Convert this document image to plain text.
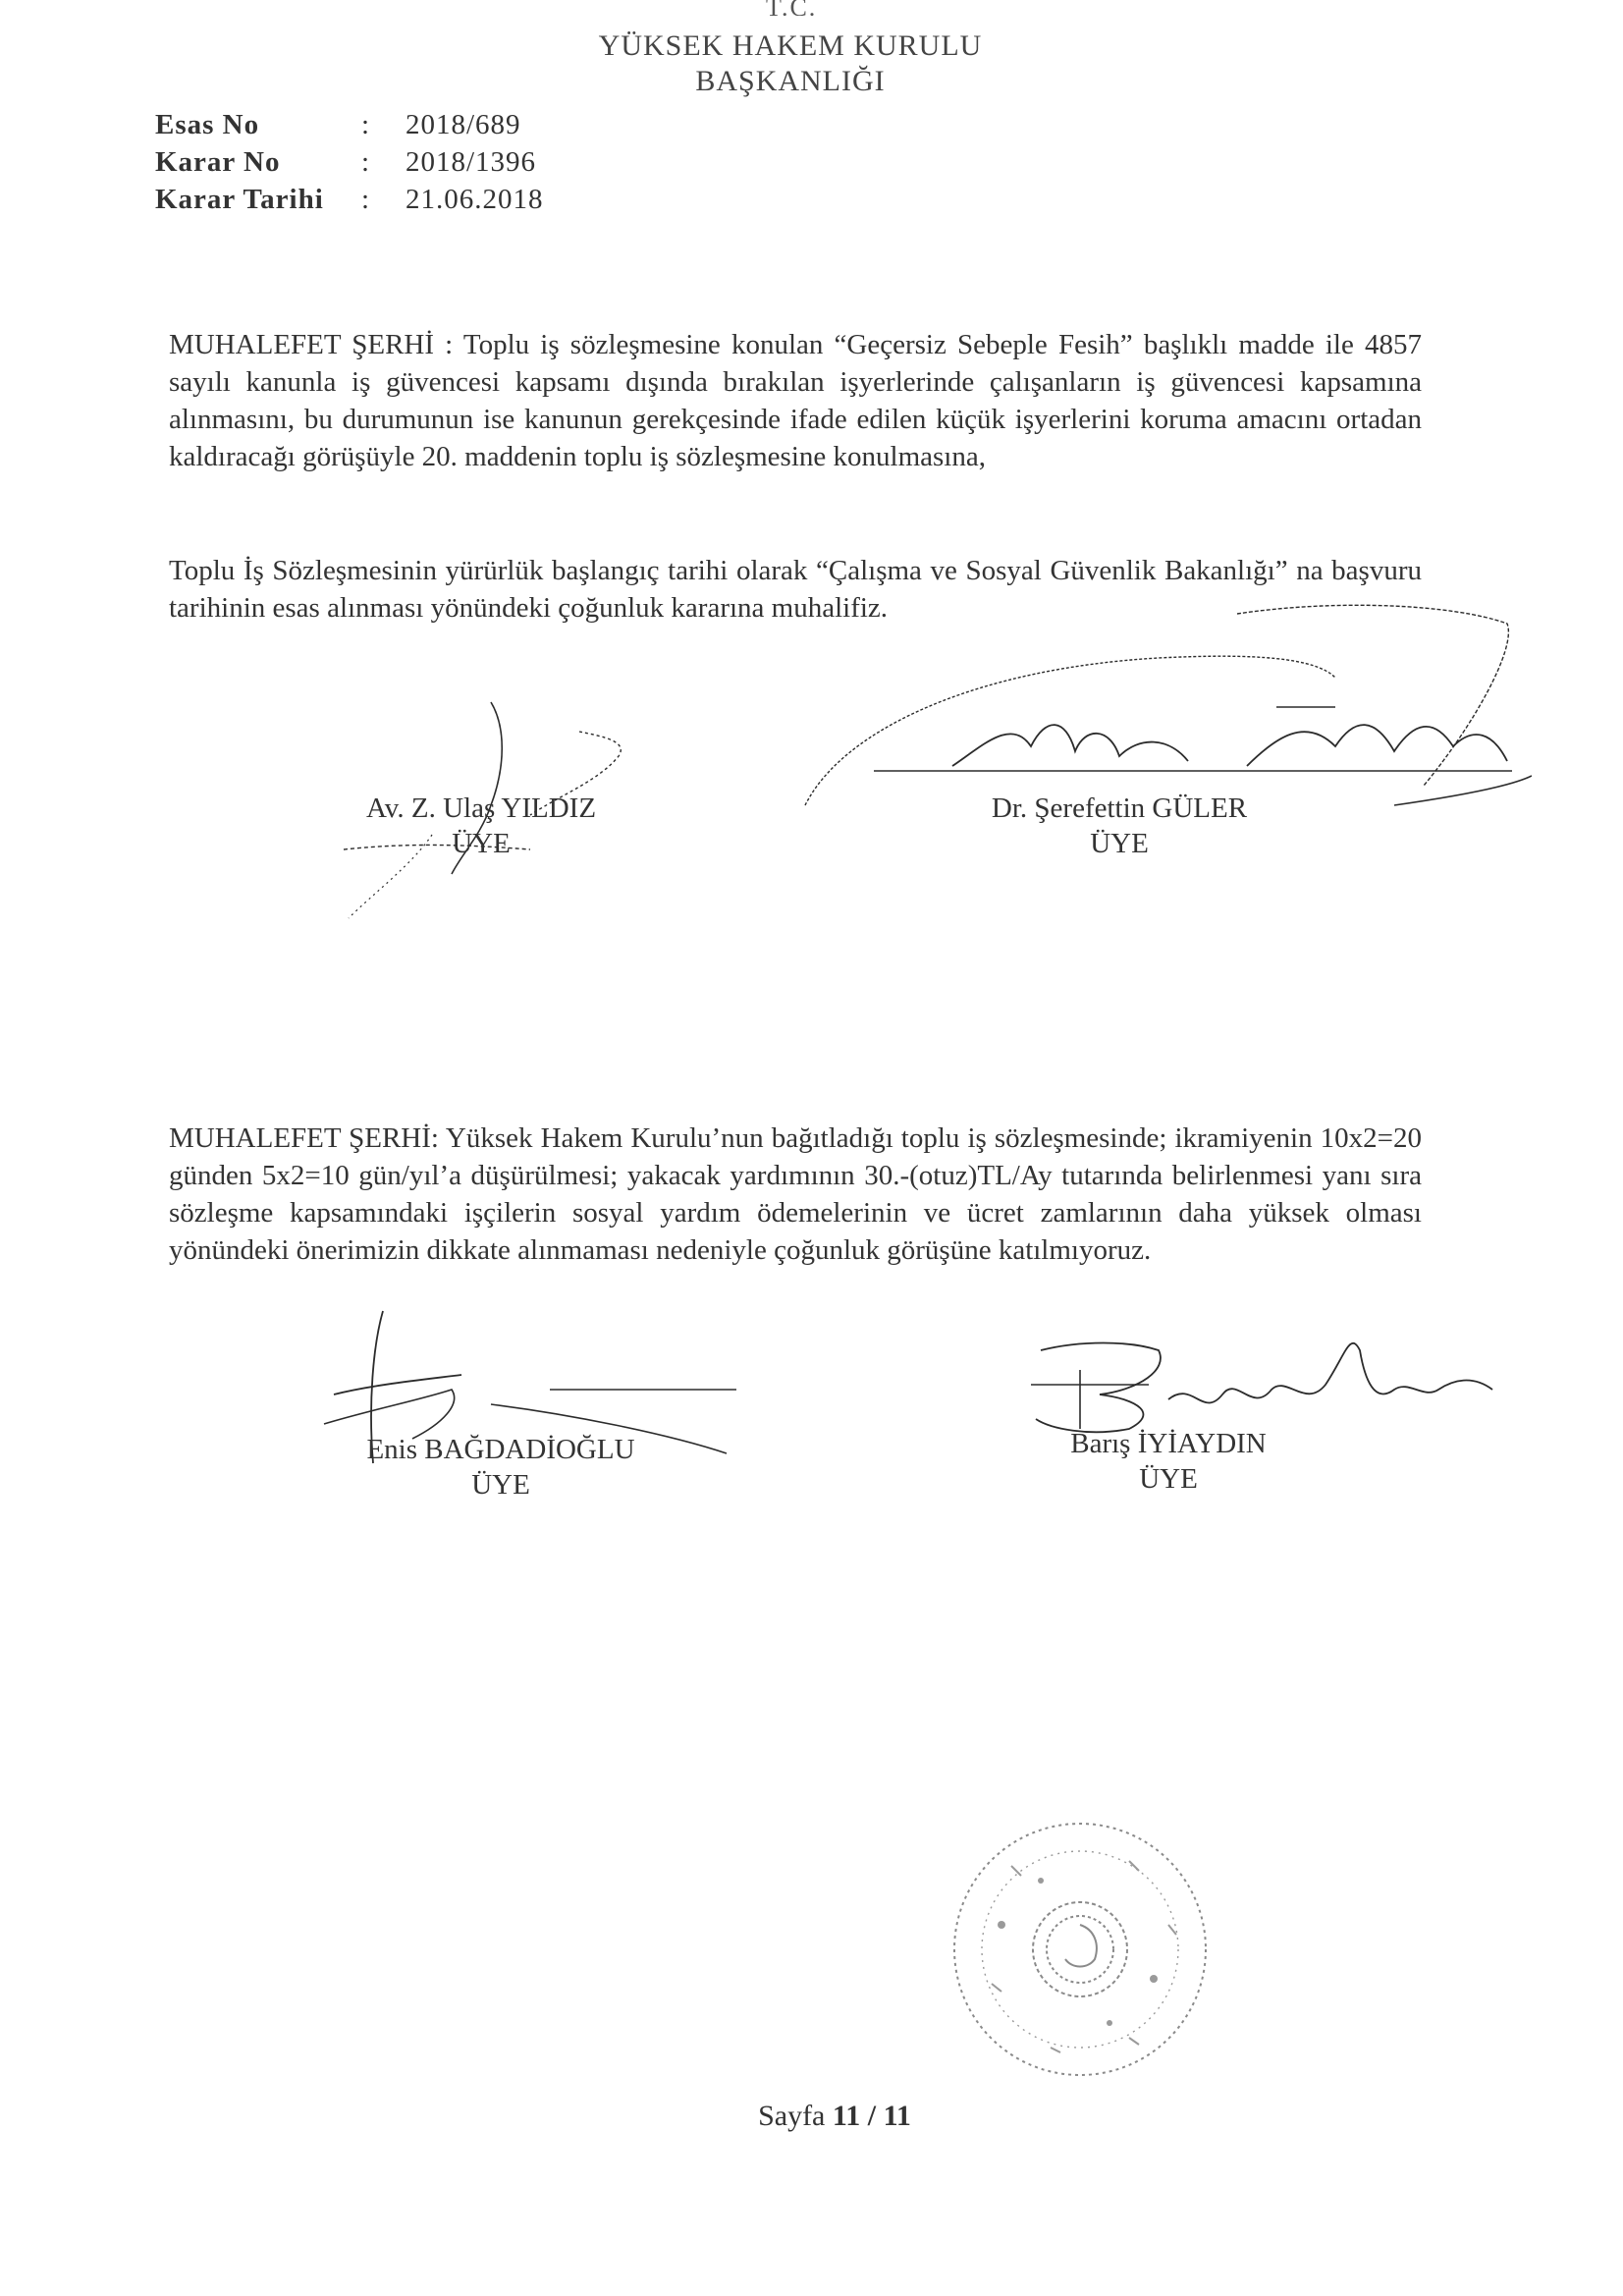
T.C.
YÜKSEK HAKEM KURULU
BAŞKANLIĞI
Esas No	:	2018/689
Karar No	:	2018/1396
Karar Tarihi	:	21.06.2018

MUHALEFET ŞERHİ : Toplu iş sözleşmesine konulan “Geçersiz Sebeple Fesih” başlıklı madde ile 4857 sayılı kanunla iş güvencesi kapsamı dışında bırakılan işyerlerinde çalışanların iş güvencesi kapsamına alınmasını, bu durumunun ise kanunun gerekçesinde ifade edilen küçük işyerlerini koruma amacını ortadan kaldıracağı görüşüyle 20. maddenin toplu iş sözleşmesine konulmasına,

Toplu İş Sözleşmesinin yürürlük başlangıç tarihi olarak “Çalışma ve Sosyal Güvenlik Bakanlığı” na başvuru tarihinin esas alınması yönündeki çoğunluk kararına muhalifiz.

Av. Z. Ulaş YILDIZ
ÜYE
Dr. Şerefettin GÜLER
ÜYE

MUHALEFET ŞERHİ: Yüksek Hakem Kurulu’nun bağıtladığı toplu iş sözleşmesinde; ikramiyenin 10x2=20 günden 5x2=10 gün/yıl’a düşürülmesi; yakacak yardımının 30.-(otuz)TL/Ay tutarında belirlenmesi yanı sıra sözleşme kapsamındaki işçilerin sosyal yardım ödemelerinin ve ücret zamlarının daha yüksek olması yönündeki önerimizin dikkate alınmaması nedeniyle çoğunluk görüşüne katılmıyoruz.

Enis BAĞDADİOĞLU
ÜYE
Barış İYİAYDIN
ÜYE
Sayfa 11 / 11
